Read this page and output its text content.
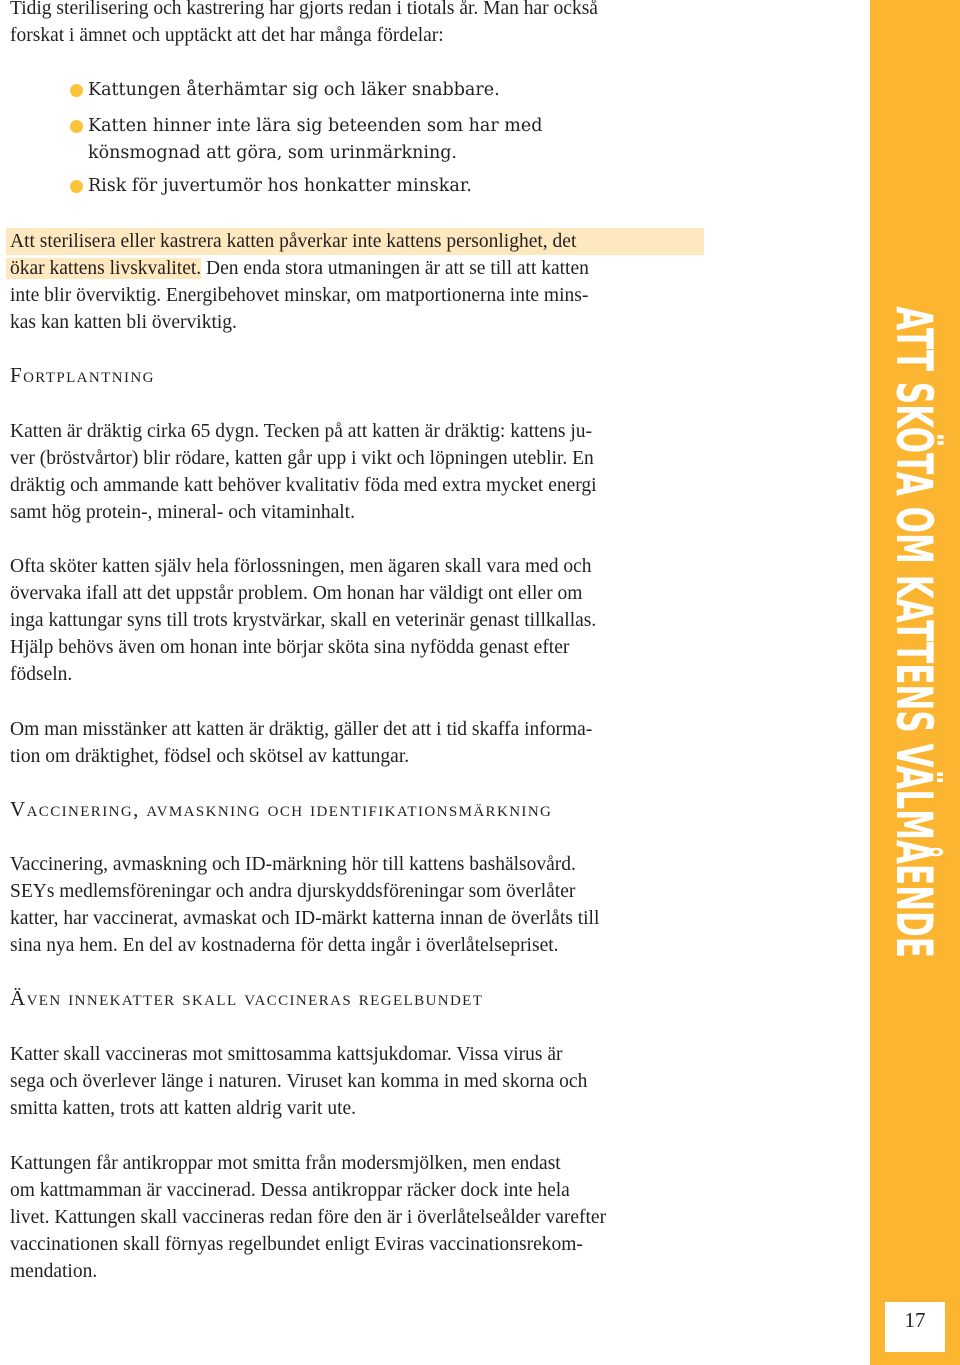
Tidig sterilisering och kastrering har gjorts redan i tiotals år. Man har också
forskat i ämnet och upptäckt att det har många fördelar:
Kattungen återhämtar sig och läker snabbare.
Katten hinner inte lära sig beteenden som har med
könsmognad att göra, som urinmärkning.
Risk för juvertumör hos honkatter minskar.
Att sterilisera eller kastrera katten påverkar inte kattens personlighet, det
ökar kattens livskvalitet. Den enda stora utmaningen är att se till att katten
inte blir överviktig. Energibehovet minskar, om matportionerna inte mins-
kas kan katten bli överviktig.
Fortplantning
Katten är dräktig cirka 65 dygn. Tecken på att katten är dräktig: kattens ju-
ver (bröstvårtor) blir rödare, katten går upp i vikt och löpningen uteblir. En
dräktig och ammande katt behöver kvalitativ föda med extra mycket energi
samt hög protein-, mineral- och vitaminhalt.
Ofta sköter katten själv hela förlossningen, men ägaren skall vara med och
övervaka ifall att det uppstår problem. Om honan har väldigt ont eller om
inga kattungar syns till trots krystvärkar, skall en veterinär genast tillkallas.
Hjälp behövs även om honan inte börjar sköta sina nyfödda genast efter
födseln.
Om man misstänker att katten är dräktig, gäller det att i tid skaffa informa-
tion om dräktighet, födsel och skötsel av kattungar.
Vaccinering, avmaskning och identifikationsmärkning
Vaccinering, avmaskning och ID-märkning hör till kattens bashälsovård.
SEYs medlemsföreningar och andra djurskyddsföreningar som överlåter
katter, har vaccinerat, avmaskat och ID-märkt katterna innan de överlåts till
sina nya hem. En del av kostnaderna för detta ingår i överlåtelsepriset.
Även innekatter skall vaccineras regelbundet
Katter skall vaccineras mot smittosamma kattsjukdomar. Vissa virus är
sega och överlever länge i naturen. Viruset kan komma in med skorna och
smitta katten, trots att katten aldrig varit ute.
Kattungen får antikroppar mot smitta från modersmjölken, men endast
om kattmamman är vaccinerad. Dessa antikroppar räcker dock inte hela
livet. Kattungen skall vaccineras redan före den är i överlåtelseålder varefter
vaccinationen skall förnyas regelbundet enligt Eviras vaccinationsrekom-
mendation.
ATT SKÖTA OM KATTENS VÄLMÅENDE
17
